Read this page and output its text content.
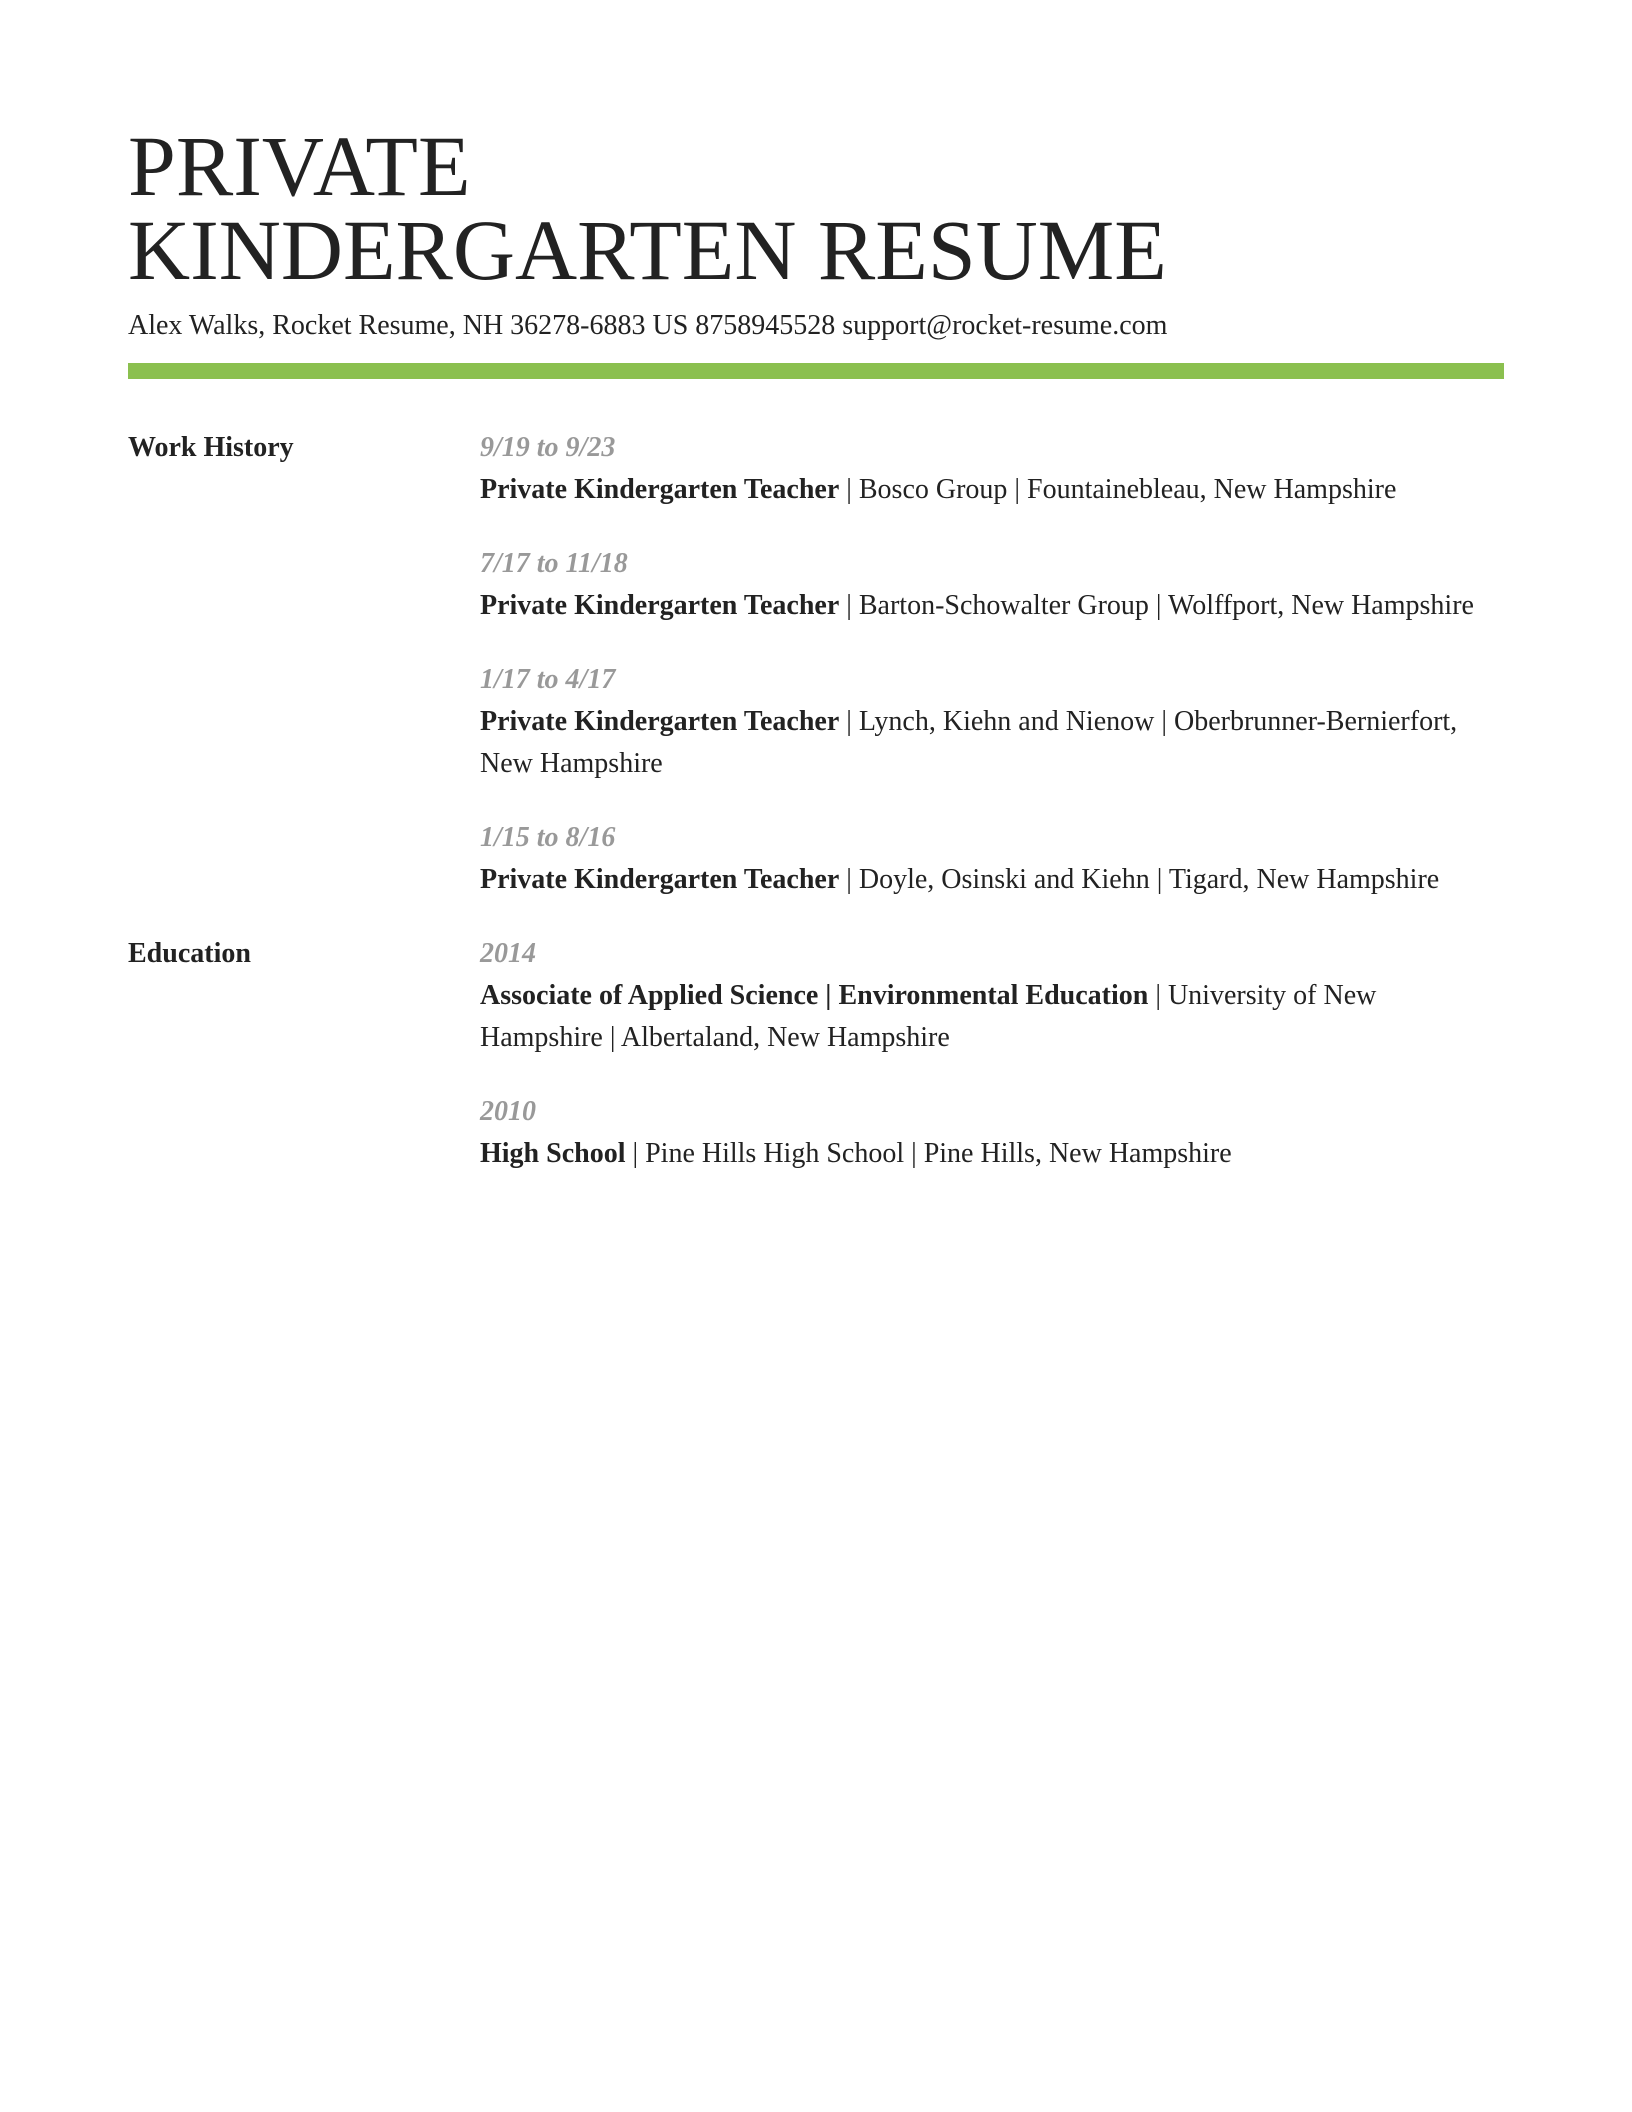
PRIVATE
KINDERGARTEN RESUME
Alex Walks, Rocket Resume, NH 36278-6883 US 8758945528 support@rocket-resume.com
Work History	9/19 to 9/23
Private Kindergarten Teacher | Bosco Group | Fountainebleau, New Hampshire
7/17 to 11/18
Private Kindergarten Teacher | Barton-Schowalter Group | Wolffport, New Hampshire
1/17 to 4/17
Private Kindergarten Teacher | Lynch, Kiehn and Nienow | Oberbrunner-Bernierfort, New Hampshire
1/15 to 8/16
Private Kindergarten Teacher | Doyle, Osinski and Kiehn | Tigard, New Hampshire
Education	2014
Associate of Applied Science | Environmental Education | University of New Hampshire | Albertaland, New Hampshire
2010
High School | Pine Hills High School | Pine Hills, New Hampshire
